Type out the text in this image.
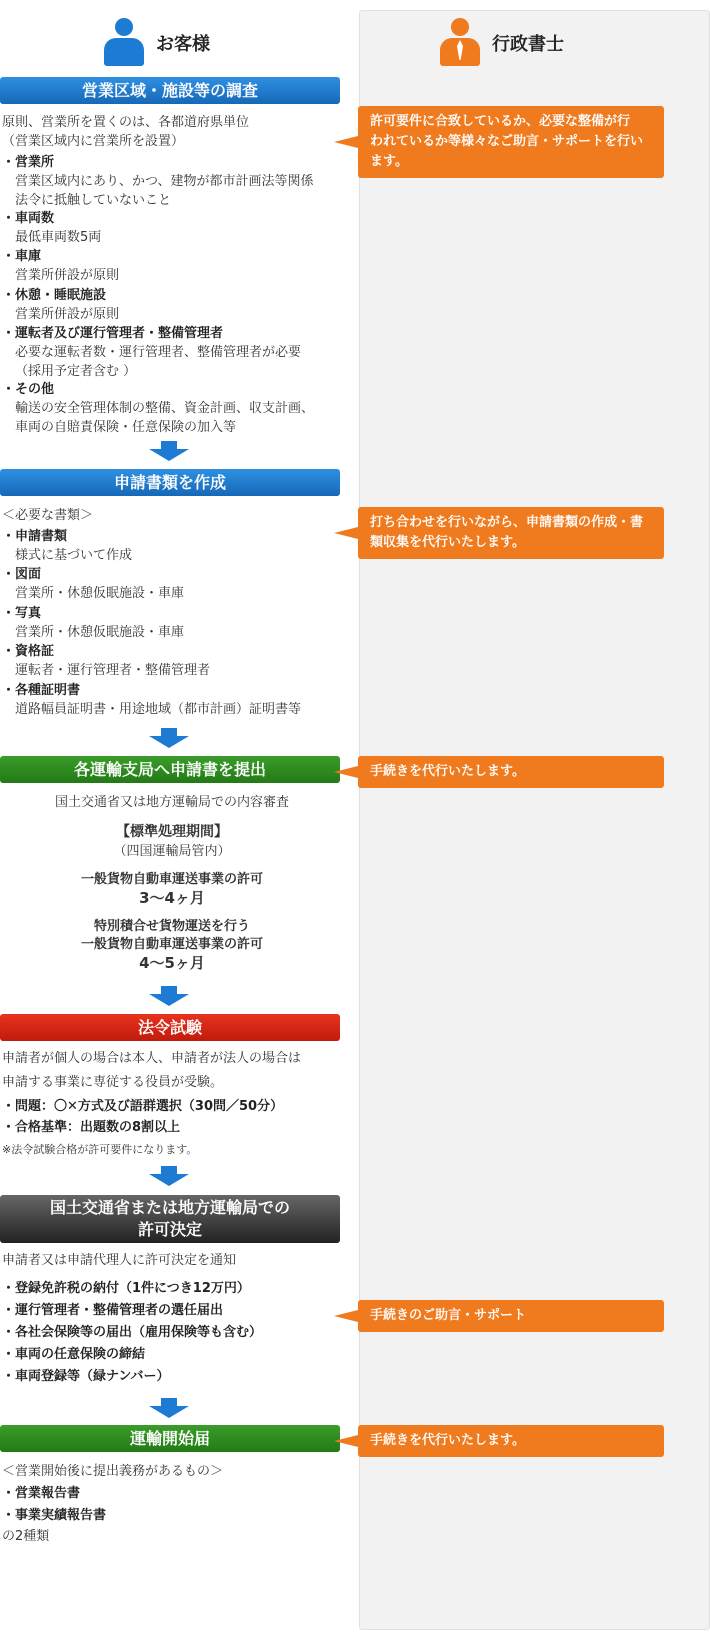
お客様	行政書士
営業区域・施設等の調査
原則、営業所を置くのは、各都道府県単位
（営業区域内に営業所を設置）
・ 営業所
営業区域内にあり、かつ、建物が都市計画法等関係
法令に抵触していないこと
・ 車両数
最低車両数5両
・ 車庫
営業所併設が原則
・ 休憩・睡眠施設
営業所併設が原則
・ 運転者及び運行管理者・整備管理者
必要な運転者数・運行管理者、整備管理者が必要
（採用予定者含む ）
・ その他
輸送の安全管理体制の整備、資金計画、収支計画、
車両の自賠責保険・任意保険の加入等
申請書類を作成
＜必要な書類＞
・ 申請書類
様式に基づいて作成
・ 図面
営業所・休憩仮眠施設・車庫
・ 写真
営業所・休憩仮眠施設・車庫
・ 資格証
運転者・運行管理者・整備管理者
・ 各種証明書
道路幅員証明書・用途地域（都市計画）証明書等
各運輸支局へ申請書を提出
国土交通省又は地方運輸局での内容審査
【標準処理期間】
（四国運輸局管内）
一般貨物自動車運送事業の許可
3〜4ヶ月
特別積合せ貨物運送を行う
一般貨物自動車運送事業の許可
4〜5ヶ月
法令試験
申請者が個人の場合は本人、申請者が法人の場合は
申請する事業に専従する役員が受験。
・ 問題：〇✕方式及び語群選択（30問／50分）
・ 合格基準：出題数の8割以上
※法令試験合格が許可要件になります。
国土交通省または地方運輸局での
許可決定
申請者又は申請代理人に許可決定を通知
・ 登録免許税の納付（1件につき12万円）
・ 運行管理者・整備管理者の選任届出
・ 各社会保険等の届出（雇用保険等も含む）
・ 車両の任意保険の締結
・ 車両登録等（緑ナンバー）
運輸開始届
＜営業開始後に提出義務があるもの＞
・ 営業報告書
・ 事業実績報告書
の2種類
許可要件に合致しているか、必要な整備が行
われているか等様々なご助言・サポートを行い
ます。
打ち合わせを行いながら、申請書類の作成・書
類収集を代行いたします。
手続きを代行いたします。
手続きのご助言・サポート
手続きを代行いたします。
